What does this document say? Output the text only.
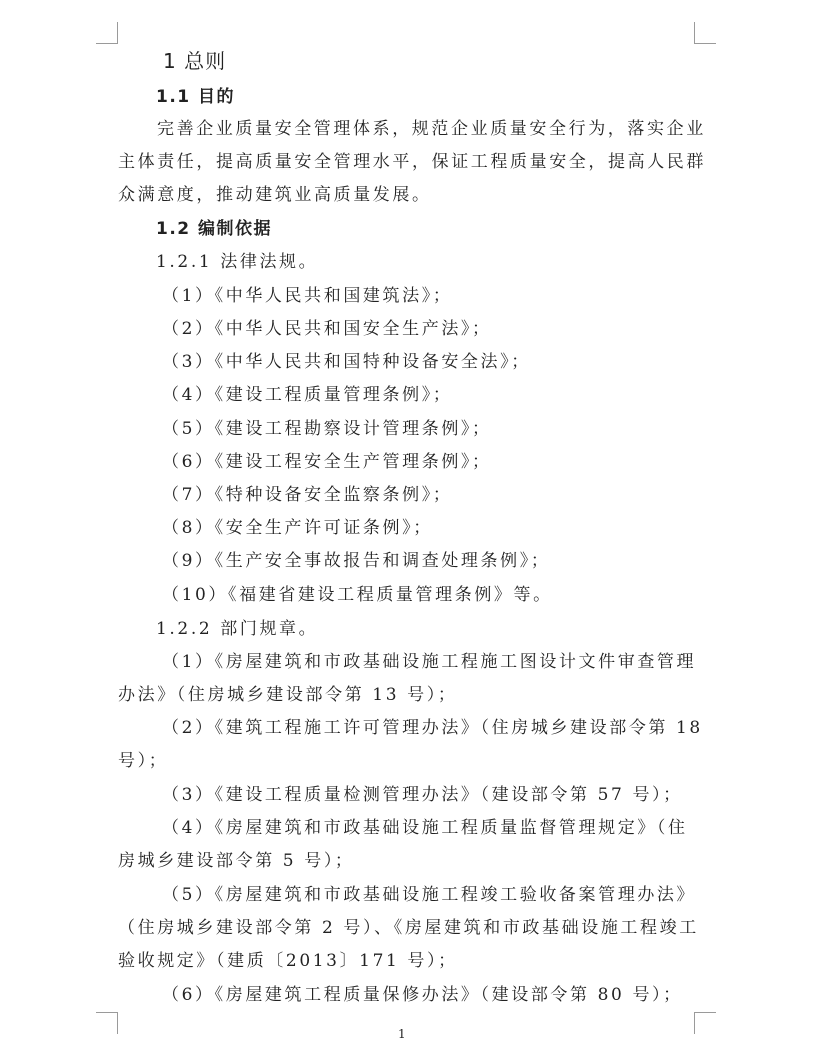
1 总则
1.1 目的
完善企业质量安全管理体系，规范企业质量安全行为，落实企业
主体责任，提高质量安全管理水平，保证工程质量安全，提高人民群
众满意度，推动建筑业高质量发展。
1.2 编制依据
1.2.1 法律法规。
（1）《中华人民共和国建筑法》；
（2）《中华人民共和国安全生产法》；
（3）《中华人民共和国特种设备安全法》；
（4）《建设工程质量管理条例》；
（5）《建设工程勘察设计管理条例》；
（6）《建设工程安全生产管理条例》；
（7）《特种设备安全监察条例》；
（8）《安全生产许可证条例》；
（9）《生产安全事故报告和调查处理条例》；
（10）《福建省建设工程质量管理条例》等。
1.2.2 部门规章。
（1）《房屋建筑和市政基础设施工程施工图设计文件审查管理
办法》（住房城乡建设部令第 13 号）；
（2）《建筑工程施工许可管理办法》（住房城乡建设部令第 18
号）；
（3）《建设工程质量检测管理办法》（建设部令第 57 号）；
（4）《房屋建筑和市政基础设施工程质量监督管理规定》（住
房城乡建设部令第 5 号）；
（5）《房屋建筑和市政基础设施工程竣工验收备案管理办法》
（住房城乡建设部令第 2 号）、《房屋建筑和市政基础设施工程竣工
验收规定》（建质〔2013〕171 号）；
（6）《房屋建筑工程质量保修办法》（建设部令第 80 号）；
1
